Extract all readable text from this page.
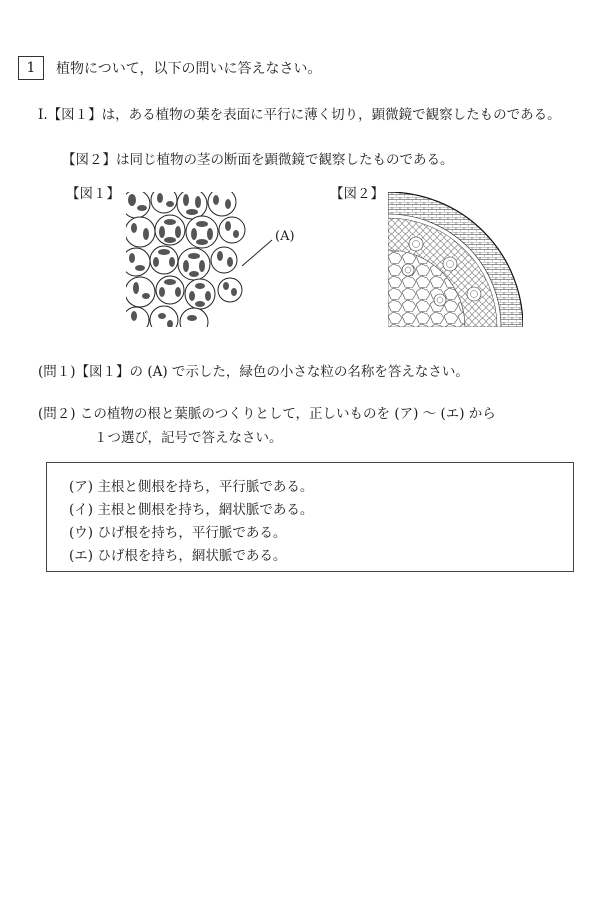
1 植物について，以下の問いに答えなさい。
Ⅰ.【図１】は，ある植物の葉を表面に平行に薄く切り，顕微鏡で観察したものである。
【図２】は同じ植物の茎の断面を顕微鏡で観察したものである。
【図１】	【図２】
(A)
(問１)【図１】の (A) で示した，緑色の小さな粒の名称を答えなさい。
(問２) この植物の根と葉脈のつくりとして，正しいものを (ア) ～ (エ) から
１つ選び，記号で答えなさい。
(ア) 主根と側根を持ち，平行脈である。
(イ) 主根と側根を持ち，網状脈である。
(ウ) ひげ根を持ち，平行脈である。
(エ) ひげ根を持ち，網状脈である。
